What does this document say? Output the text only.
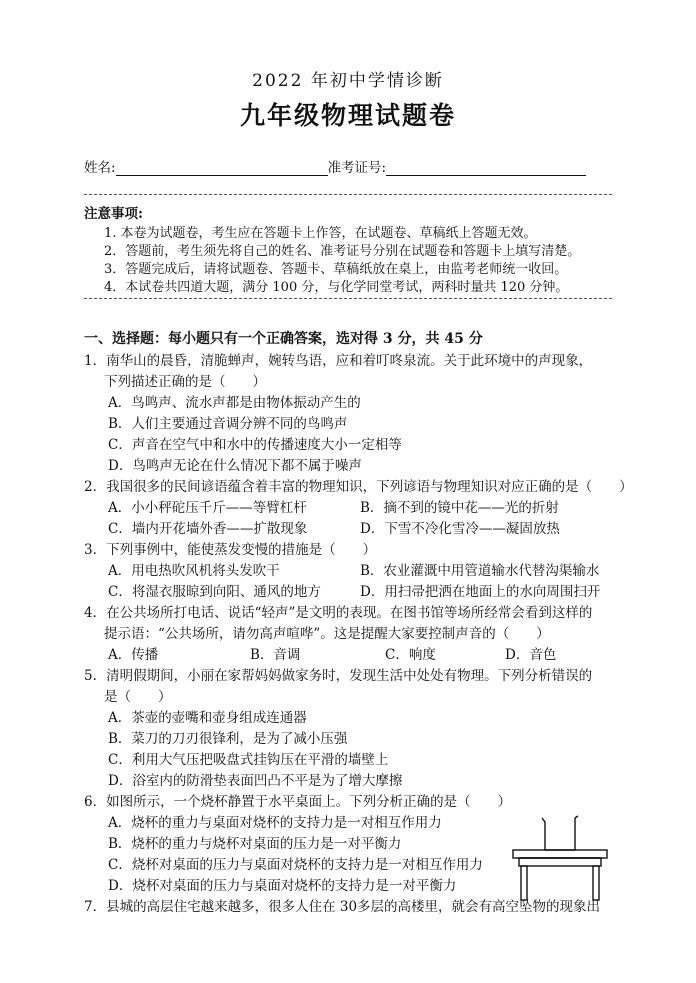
2022 年初中学情诊断
九年级物理试题卷
姓名:	准考证号:
注意事项:
1. 本卷为试题卷，考生应在答题卡上作答，在试题卷、草稿纸上答题无效。
2．答题前，考生须先将自己的姓名、准考证号分别在试题卷和答题卡上填写清楚。
3．答题完成后，请将试题卷、答题卡、草稿纸放在桌上，由监考老师统一收回。
4．本试卷共四道大题，满分 100 分，与化学同堂考试，两科时量共 120 分钟。
一、选择题：每小题只有一个正确答案，选对得 3 分，共 45 分
1．南华山的晨昏，清脆蝉声，婉转鸟语，应和着叮咚泉流。关于此环境中的声现象，
下列描述正确的是（　　）
A．鸟鸣声、流水声都是由物体振动产生的
B．人们主要通过音调分辨不同的鸟鸣声
C．声音在空气中和水中的传播速度大小一定相等
D．鸟鸣声无论在什么情况下都不属于噪声
2．我国很多的民间谚语蕴含着丰富的物理知识，下列谚语与物理知识对应正确的是（　　）
A．小小秤砣压千斤——等臂杠杆	B．摘不到的镜中花——光的折射
C．墙内开花墙外香——扩散现象	D．下雪不冷化雪冷——凝固放热
3．下列事例中，能使蒸发变慢的措施是（　　）
A．用电热吹风机将头发吹干	B．农业灌溉中用管道输水代替沟渠输水
C．将湿衣服晾到向阳、通风的地方	D．用扫帚把洒在地面上的水向周围扫开
4．在公共场所打电话、说话“轻声”是文明的表现。在图书馆等场所经常会看到这样的
提示语：“公共场所，请勿高声喧哗”。这是提醒大家要控制声音的（　　）
A．传播	B．音调	C．响度	D．音色
5．清明假期间，小丽在家帮妈妈做家务时，发现生活中处处有物理。下列分析错误的
是（　　）
A．茶壶的壶嘴和壶身组成连通器
B．菜刀的刀刃很锋利，是为了减小压强
C．利用大气压把吸盘式挂钩压在平滑的墙壁上
D．浴室内的防滑垫表面凹凸不平是为了增大摩擦
6．如图所示，一个烧杯静置于水平桌面上。下列分析正确的是（　　）
A．烧杯的重力与桌面对烧杯的支持力是一对相互作用力
B．烧杯的重力与烧杯对桌面的压力是一对平衡力
C．烧杯对桌面的压力与桌面对烧杯的支持力是一对相互作用力
D．烧杯对桌面的压力与桌面对烧杯的支持力是一对平衡力
7．县城的高层住宅越来越多，很多人住在 30多层的高楼里，就会有高空坠物的现象出
